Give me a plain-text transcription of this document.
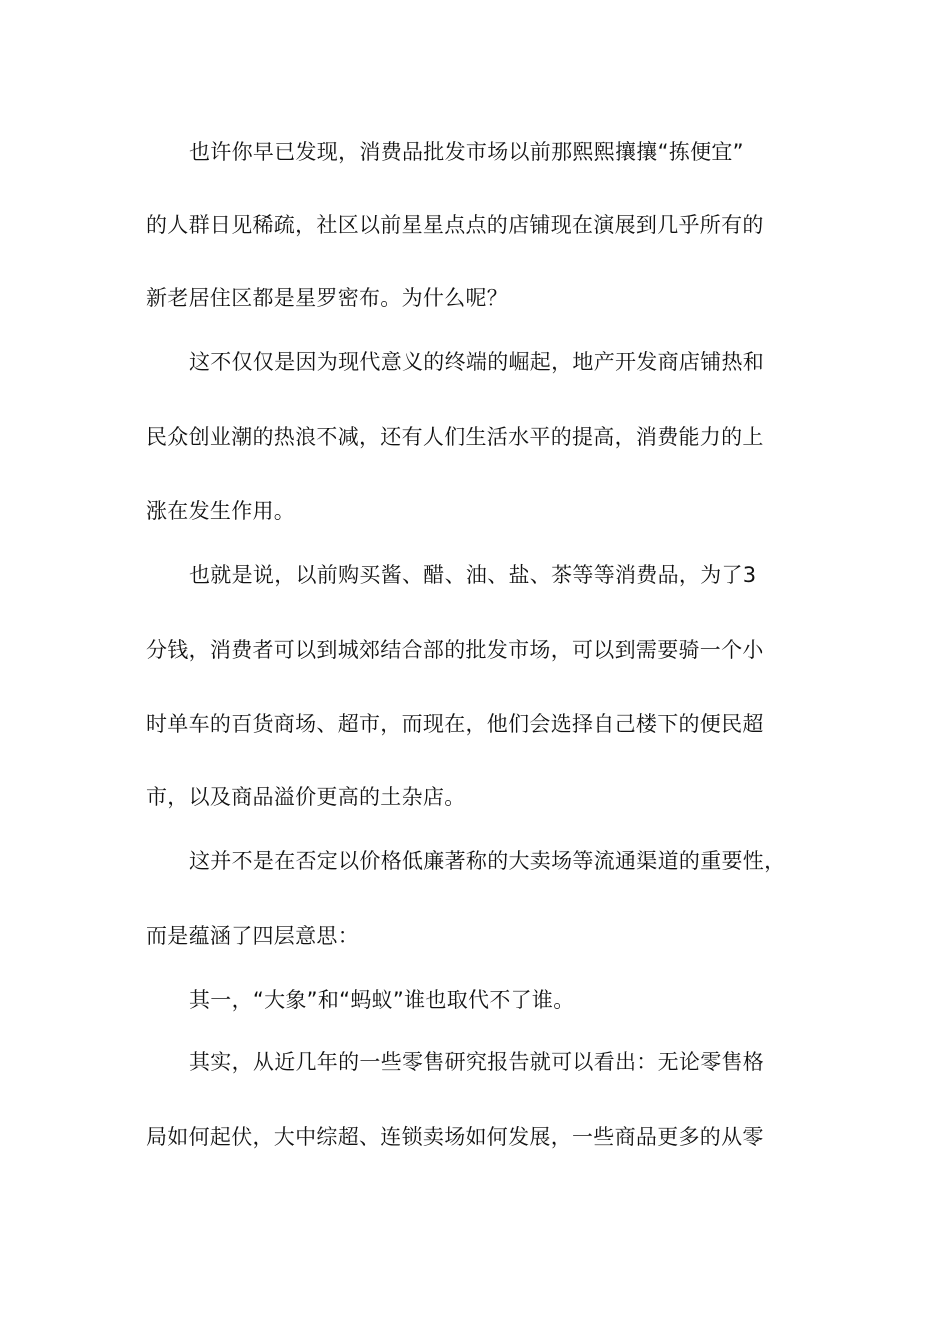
也许你早已发现，消费品批发市场以前那熙熙攘攘“拣便宜”
的人群日见稀疏，社区以前星星点点的店铺现在演展到几乎所有的
新老居住区都是星罗密布。为什么呢？
这不仅仅是因为现代意义的终端的崛起，地产开发商店铺热和
民众创业潮的热浪不减，还有人们生活水平的提高，消费能力的上
涨在发生作用。
也就是说，以前购买酱、醋、油、盐、茶等等消费品，为了3
分钱，消费者可以到城郊结合部的批发市场，可以到需要骑一个小
时单车的百货商场、超市，而现在，他们会选择自己楼下的便民超
市，以及商品溢价更高的土杂店。
这并不是在否定以价格低廉著称的大卖场等流通渠道的重要性，
而是蕴涵了四层意思：
其一，“大象”和“蚂蚁”谁也取代不了谁。
其实，从近几年的一些零售研究报告就可以看出：无论零售格
局如何起伏，大中综超、连锁卖场如何发展，一些商品更多的从零
